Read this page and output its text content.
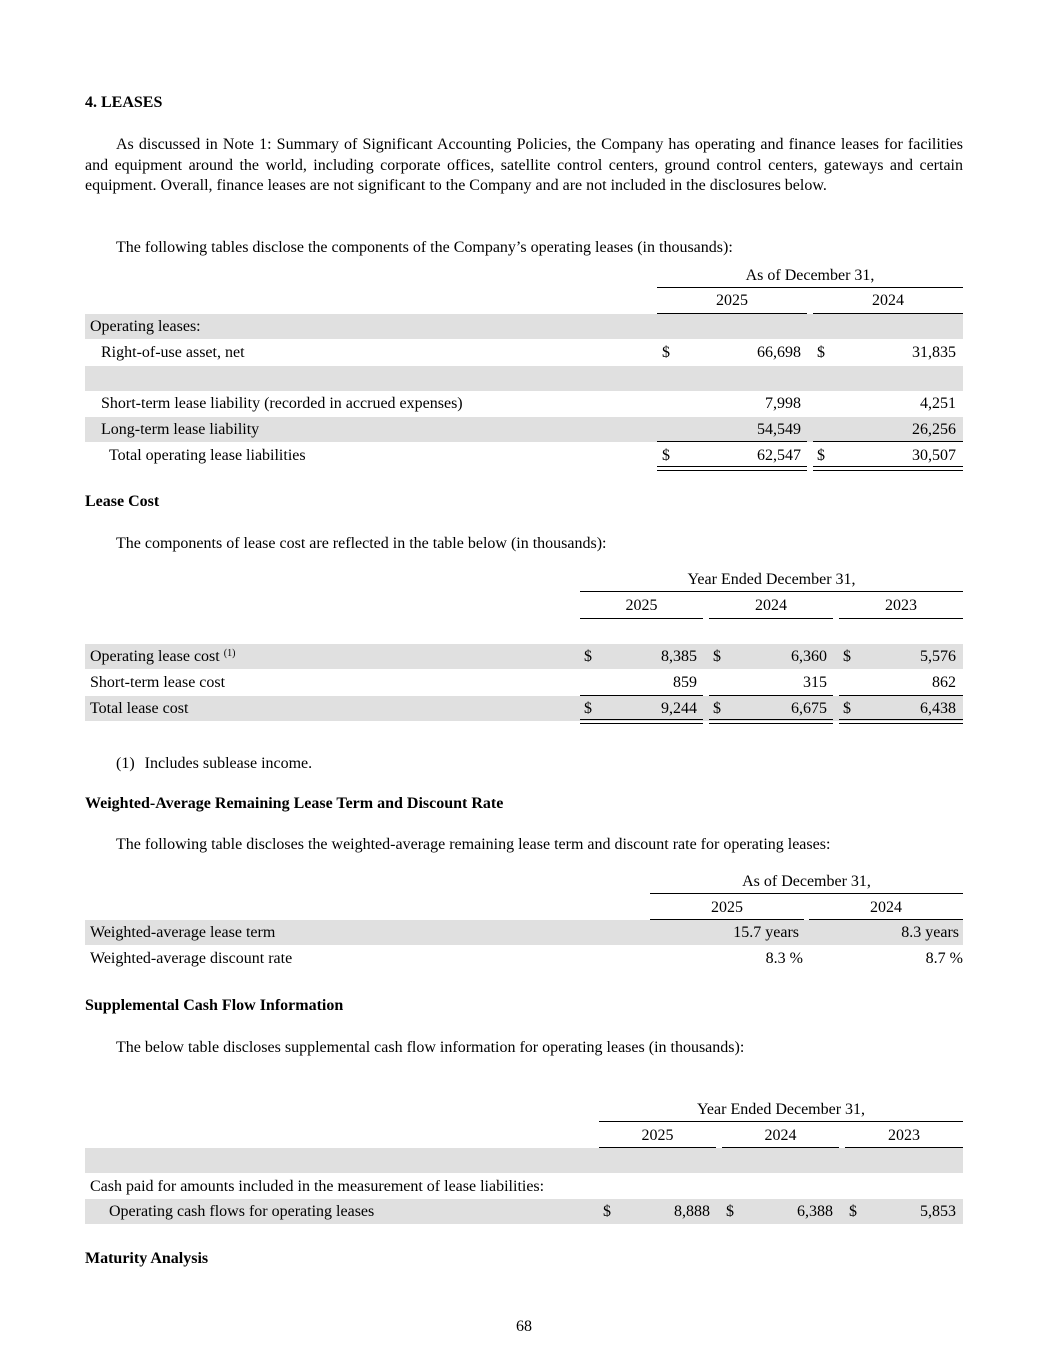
4. LEASES
As discussed in Note 1: Summary of Significant Accounting Policies, the Company has operating and finance leases for facilities and equipment around the world, including corporate offices, satellite control centers, ground control centers, gateways and certain equipment. Overall, finance leases are not significant to the Company and are not included in the disclosures below.
The following tables disclose the components of the Company’s operating leases (in thousands):
As of December 31,
2025	2024
Operating leases:
Right-of-use asset, net	$	66,698 $	31,835
Short-term lease liability (recorded in accrued expenses)	7,998	4,251
Long-term lease liability	54,549	26,256
Total operating lease liabilities	$	62,547 $	30,507
Lease Cost
The components of lease cost are reflected in the table below (in thousands):
Year Ended December 31,
2025	2024	2023
Operating lease cost $^{(1)}$	$	8,385 $	6,360 $	5,576
Short-term lease cost	859	315	862
Total lease cost	$	9,244 $	6,675 $	6,438
(1) Includes sublease income.
Weighted-Average Remaining Lease Term and Discount Rate
The following table discloses the weighted-average remaining lease term and discount rate for operating leases:
As of December 31,
2025	2024
Weighted-average lease term	15.7 years	8.3 years
Weighted-average discount rate	8.3 %	8.7 %
Supplemental Cash Flow Information
The below table discloses supplemental cash flow information for operating leases (in thousands):
Year Ended December 31,
2025	2024	2023
Cash paid for amounts included in the measurement of lease liabilities:
Operating cash flows for operating leases	$	8,888 $	6,388 $	5,853
Maturity Analysis
68
